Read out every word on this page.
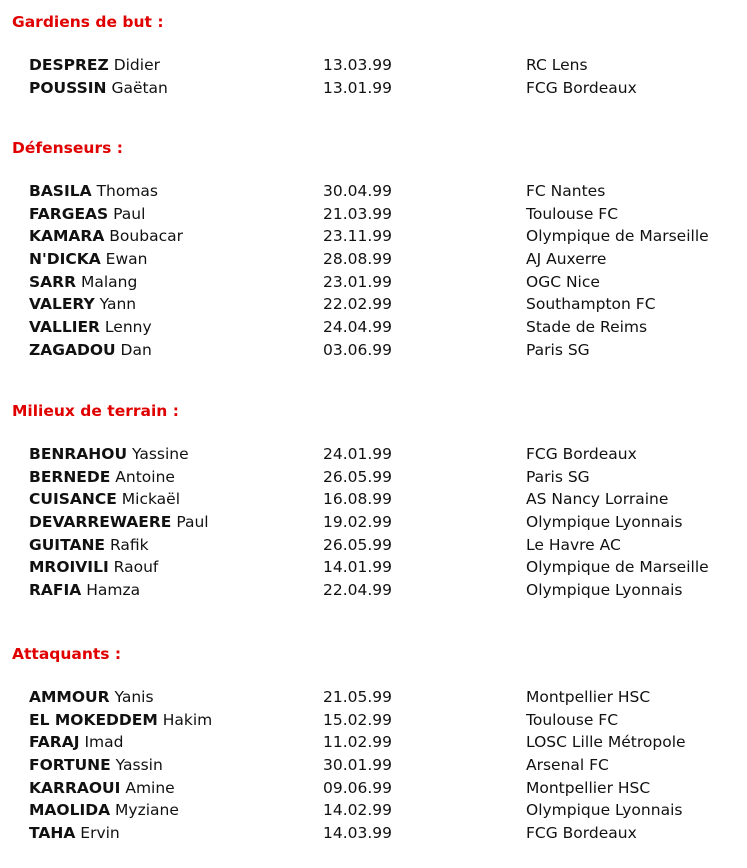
Gardiens de but :
DESPREZ Didier	13.03.99	RC Lens
POUSSIN Gaëtan	13.01.99	FCG Bordeaux
Défenseurs :
BASILA Thomas	30.04.99	FC Nantes
FARGEAS Paul	21.03.99	Toulouse FC
KAMARA Boubacar	23.11.99	Olympique de Marseille
N'DICKA Ewan	28.08.99	AJ Auxerre
SARR Malang	23.01.99	OGC Nice
VALERY Yann	22.02.99	Southampton FC
VALLIER Lenny	24.04.99	Stade de Reims
ZAGADOU Dan	03.06.99	Paris SG
Milieux de terrain :
BENRAHOU Yassine	24.01.99	FCG Bordeaux
BERNEDE Antoine	26.05.99	Paris SG
CUISANCE Mickaël	16.08.99	AS Nancy Lorraine
DEVARREWAERE Paul	19.02.99	Olympique Lyonnais
GUITANE Rafik	26.05.99	Le Havre AC
MROIVILI Raouf	14.01.99	Olympique de Marseille
RAFIA Hamza	22.04.99	Olympique Lyonnais
Attaquants :
AMMOUR Yanis	21.05.99	Montpellier HSC
EL MOKEDDEM Hakim	15.02.99	Toulouse FC
FARAJ Imad	11.02.99	LOSC Lille Métropole
FORTUNE Yassin	30.01.99	Arsenal FC
KARRAOUI Amine	09.06.99	Montpellier HSC
MAOLIDA Myziane	14.02.99	Olympique Lyonnais
TAHA Ervin	14.03.99	FCG Bordeaux
